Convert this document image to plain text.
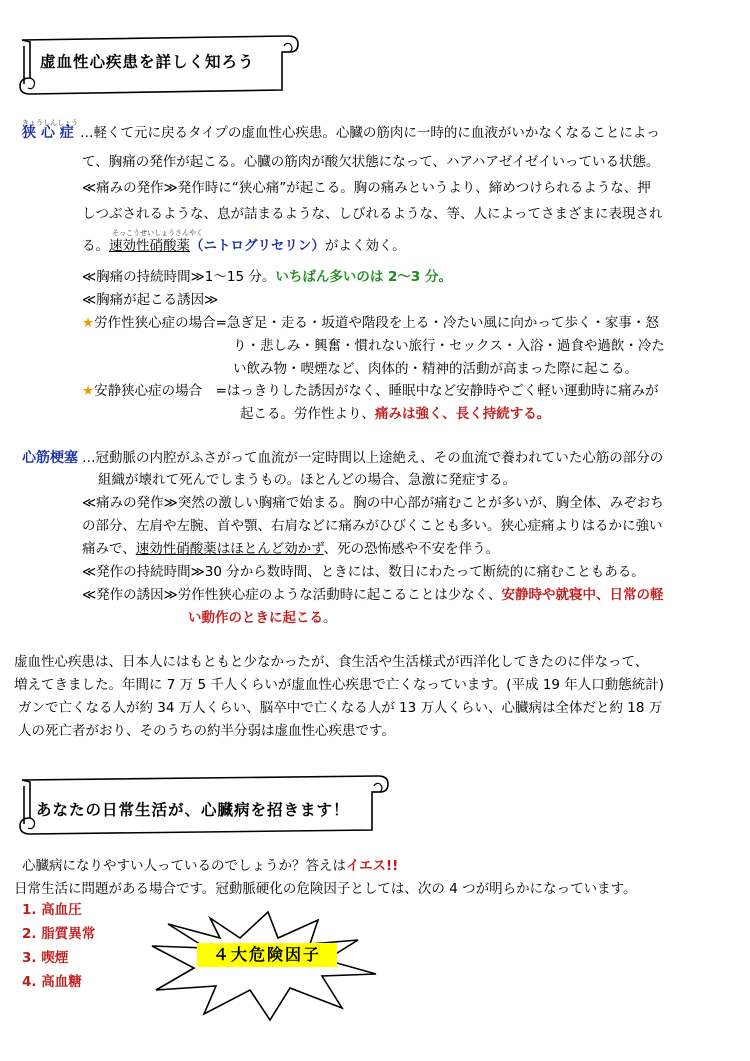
虚血性心疾患を詳しく知ろう
きょうしんしょう
狭 心 症 …軽くて元に戻るタイプの虚血性心疾患。心臓の筋肉に一時的に血液がいかなくなることによっ
て、胸痛の発作が起こる。心臓の筋肉が酸欠状態になって、ハアハアゼイゼイいっている状態。
≪痛みの発作≫発作時に“狭心痛”が起こる。胸の痛みというより、締めつけられるような、押
しつぶされるような、息が詰まるような、しびれるような、等、人によってさまざまに表現され
る。速効性硝酸薬（ニトログリセリン）がよく効く。
そっこうせいしょうさんやく
≪胸痛の持続時間≫1～15 分。いちばん多いのは 2～3 分。
≪胸痛が起こる誘因≫
★労作性狭心症の場合=急ぎ足・走る・坂道や階段を上る・冷たい風に向かって歩く・家事・怒
り・悲しみ・興奮・慣れない旅行・セックス・入浴・過食や過飲・冷た
い飲み物・喫煙など、肉体的・精神的活動が高まった際に起こる。
★安静狭心症の場合　=はっきりした誘因がなく、睡眠中など安静時やごく軽い運動時に痛みが
起こる。労作性より、痛みは強く、長く持続する。
心筋梗塞 …冠動脈の内腔がふさがって血流が一定時間以上途絶え、その血流で養われていた心筋の部分の
組織が壊れて死んでしまうもの。ほとんどの場合、急激に発症する。
≪痛みの発作≫突然の激しい胸痛で始まる。胸の中心部が痛むことが多いが、胸全体、みぞおち
の部分、左肩や左腕、首や顎、右肩などに痛みがひびくことも多い。狭心症痛よりはるかに強い
痛みで、速効性硝酸薬はほとんど効かず、死の恐怖感や不安を伴う。
≪発作の持続時間≫30 分から数時間、ときには、数日にわたって断続的に痛むこともある。
≪発作の誘因≫労作性狭心症のような活動時に起こることは少なく、安静時や就寝中、日常の軽
い動作のときに起こる。
虚血性心疾患は、日本人にはもともと少なかったが、食生活や生活様式が西洋化してきたのに伴なって、
増えてきました。年間に 7 万 5 千人くらいが虚血性心疾患で亡くなっています。(平成 19 年人口動態統計)
ガンで亡くなる人が約 34 万人くらい、脳卒中で亡くなる人が 13 万人くらい、心臓病は全体だと約 18 万
人の死亡者がおり、そのうちの約半分弱は虚血性心疾患です。
あなたの日常生活が、心臓病を招きます！
心臓病になりやすい人っているのでしょうか？答えはイエス!!
日常生活に問題がある場合です。冠動脈硬化の危険因子としては、次の 4 つが明らかになっています。
1. 高血圧
2. 脂質異常
3. 喫煙
4. 高血糖
４大危険因子
